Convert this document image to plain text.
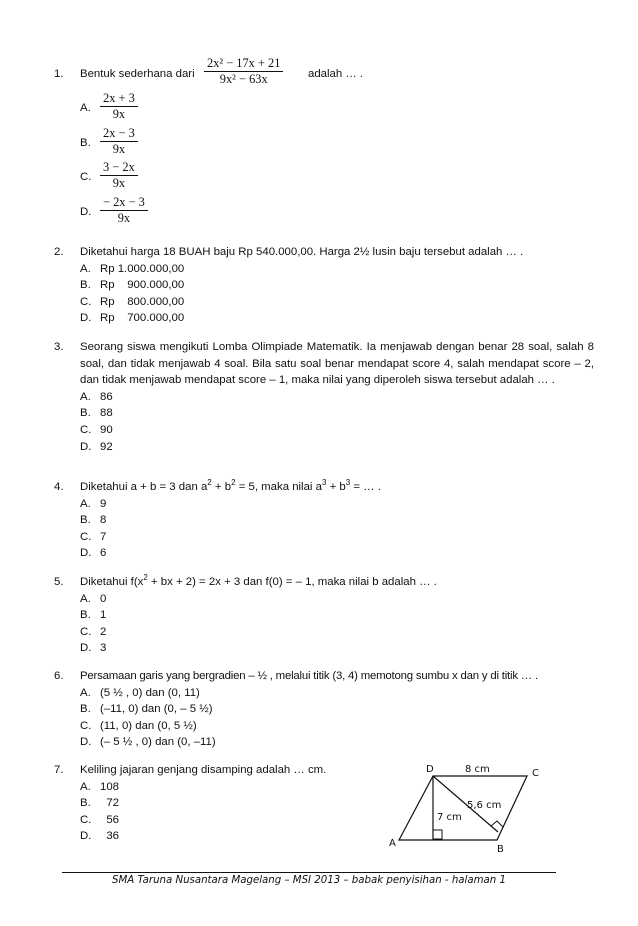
1.	Bentuk sederhana dari $\frac{\text{2x² − 17x + 21}}{\text{9x² − 63x}}$ adalah … .
A. $\frac{2x + 3}{9x}$
B. $\frac{2x - 3}{9x}$
C. $\frac{3 - 2x}{9x}$
D. $\frac{- 2x - 3}{9x}$
2.	Diketahui harga 18 BUAH baju Rp 540.000,00. Harga 2½ lusin baju tersebut adalah … .
A. Rp 1.000.000,00
B. Rp    900.000,00
C. Rp    800.000,00
D. Rp    700.000,00
3.	Seorang siswa mengikuti Lomba Olimpiade Matematik. Ia menjawab dengan benar 28 soal, salah 8 soal, dan tidak menjawab 4 soal. Bila satu soal benar mendapat score 4, salah mendapat score – 2, dan tidak menjawab mendapat score – 1, maka nilai yang diperoleh siswa tersebut adalah … .
A. 86
B. 88
C. 90
D. 92
4.	Diketahui a + b = 3 dan $a^2 + b^2 = 5$, maka nilai $a^3 + b^3$ = … .
A. 9
B. 8
C. 7
D. 6
5.	Diketahui $f(x^2$ + bx + 2) = 2x + 3 dan f(0) = – 1, maka nilai b adalah … .
A. 0
B. 1
C. 2
D. 3
6.	Persamaan garis yang bergradien – ½ , melalui titik (3, 4) memotong sumbu x dan y di titik … .
A. (5 ½ , 0) dan (0, 11)
B. (–11, 0) dan (0, – 5 ½)
C. (11, 0) dan (0, 5 ½)
D. (– 5 ½ , 0) dan (0, –11)
7.	Keliling jajaran genjang disamping adalah … cm.
A. 108
B.  72
C.  56
D.  36
D	C
A
B
8 cm
7 cm
5,6 cm
SMA Taruna Nusantara Magelang – MSI 2013 – babak penyisihan - halaman 1
